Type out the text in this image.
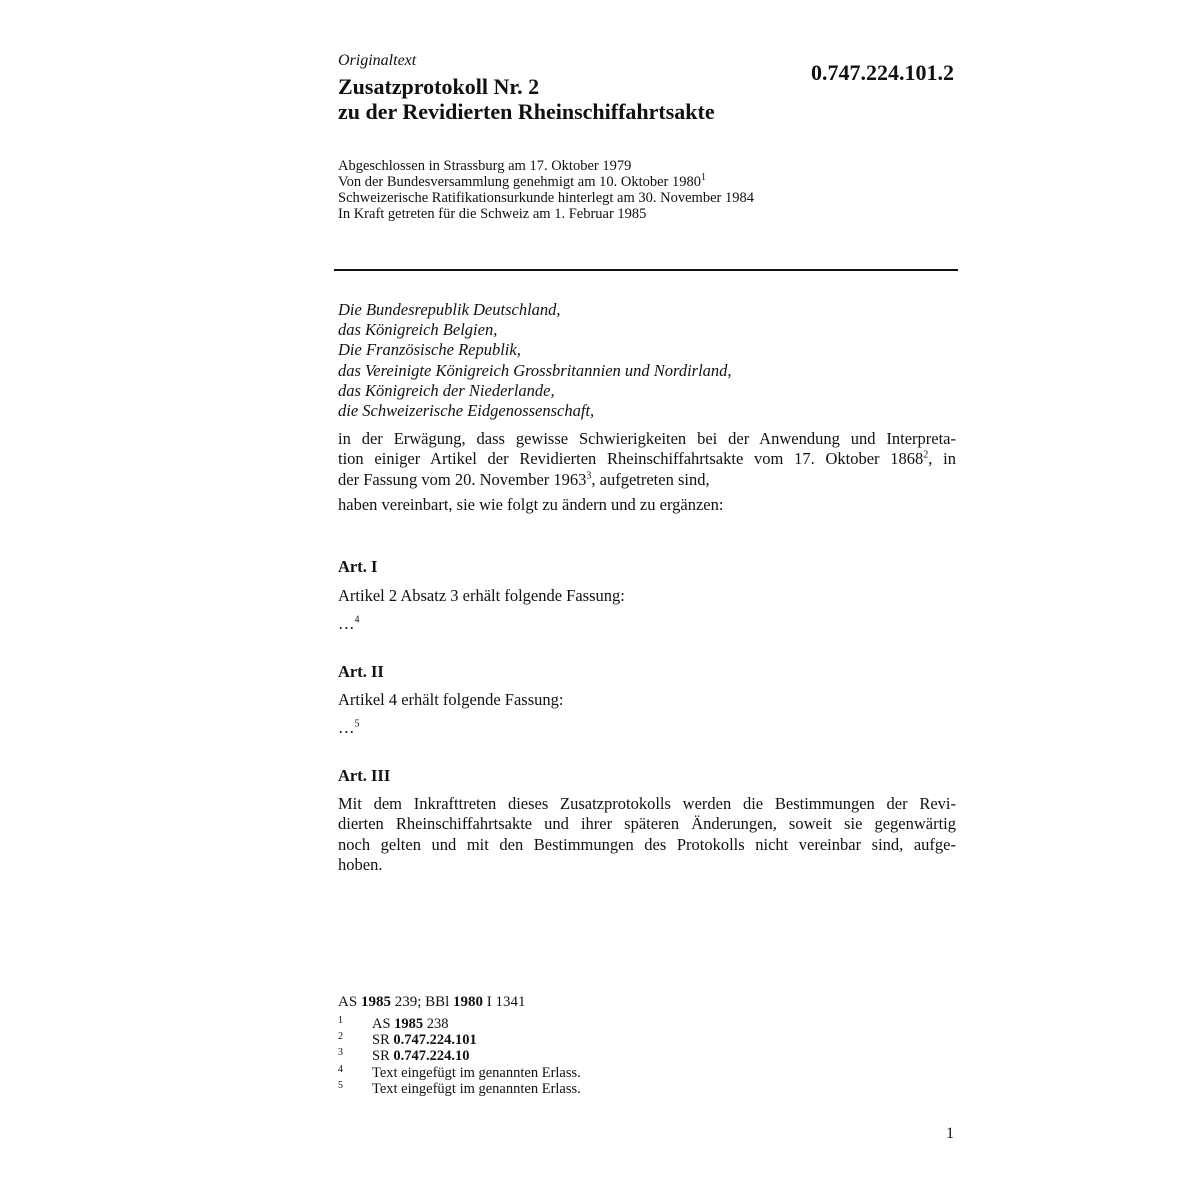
Originaltext
Zusatzprotokoll Nr. 2
zu der Revidierten Rheinschiffahrtsakte
0.747.224.101.2
Abgeschlossen in Strassburg am 17. Oktober 1979
Von der Bundesversammlung genehmigt am 10. Oktober 1980$^1$
Schweizerische Ratifikationsurkunde hinterlegt am 30. November 1984
In Kraft getreten für die Schweiz am 1. Februar 1985
Die Bundesrepublik Deutschland,
das Königreich Belgien,
Die Französische Republik,
das Vereinigte Königreich Grossbritannien und Nordirland,
das Königreich der Niederlande,
die Schweizerische Eidgenossenschaft,
in der Erwägung, dass gewisse Schwierigkeiten bei der Anwendung und Interpreta-
tion einiger Artikel der Revidierten Rheinschiffahrtsakte vom 17. Oktober 1868$^2$, in
der Fassung vom 20. November 1963$^3$, aufgetreten sind,
haben vereinbart, sie wie folgt zu ändern und zu ergänzen:
Art. I
Artikel 2 Absatz 3 erhält folgende Fassung:
…$^4$
Art. II
Artikel 4 erhält folgende Fassung:
…$^5$
Art. III
Mit dem Inkrafttreten dieses Zusatzprotokolls werden die Bestimmungen der Revi-
dierten Rheinschiffahrtsakte und ihrer späteren Änderungen, soweit sie gegenwärtig
noch gelten und mit den Bestimmungen des Protokolls nicht vereinbar sind, aufge-
hoben.
AS 1985 239; BBl 1980 I 1341
1 AS 1985 238
2 SR 0.747.224.101
3 SR 0.747.224.10
4 Text eingefügt im genannten Erlass.
5 Text eingefügt im genannten Erlass.
1
